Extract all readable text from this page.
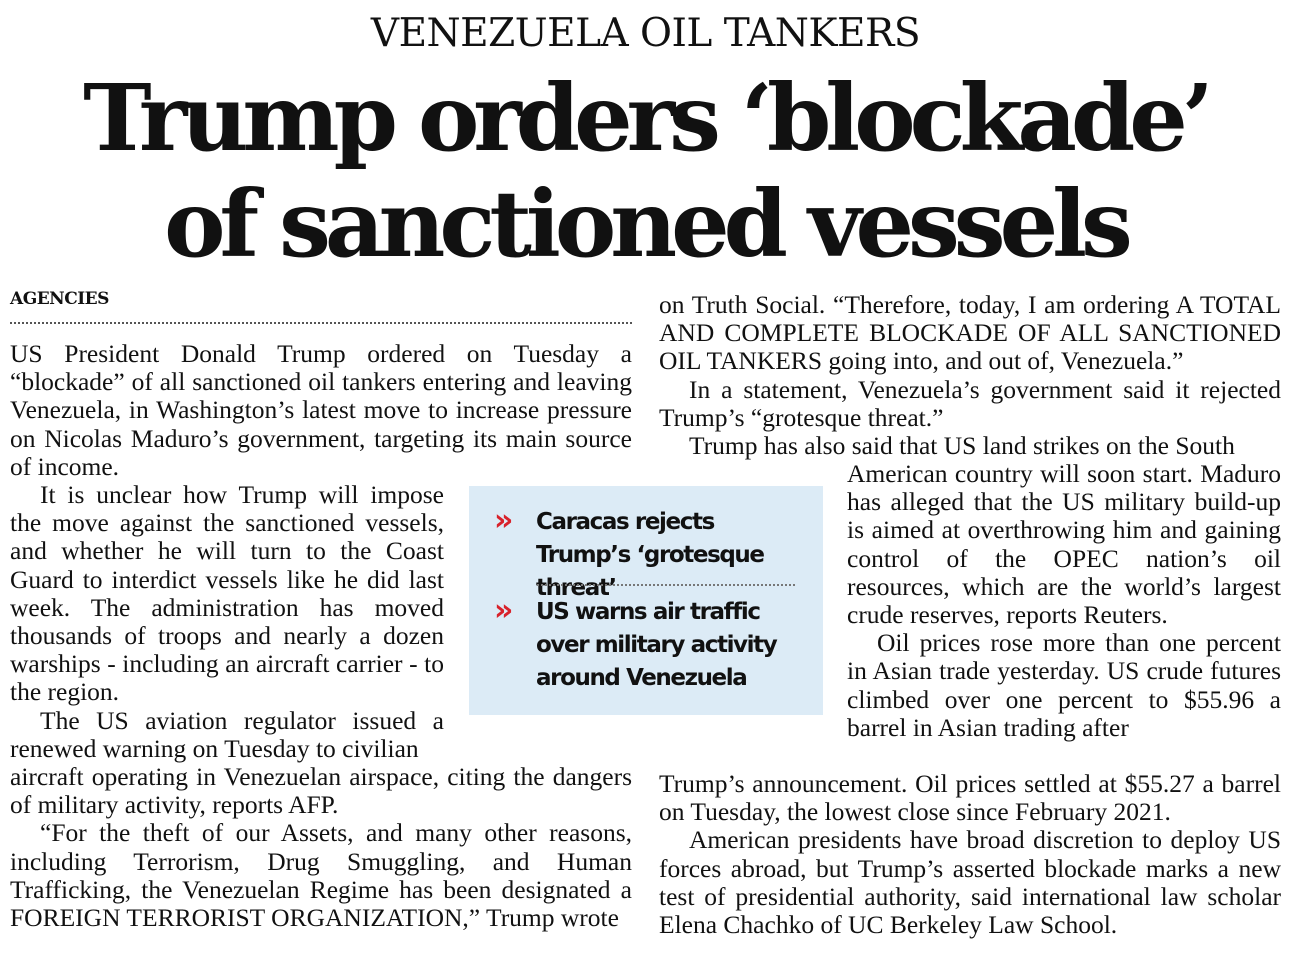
VENEZUELA OIL TANKERS
Trump orders ‘blockade’
of sanctioned vessels
AGENCIES

US President Donald Trump ordered on Tuesday a “blockade” of all sanctioned oil tankers entering and leaving Venezuela, in Washington’s latest move to increase pressure on Nicolas Maduro’s government, targeting its main source of income.

It is unclear how Trump will impose the move against the sanctioned vessels, and whether he will turn to the Coast Guard to interdict vessels like he did last week. The administration has moved thousands of troops and nearly a dozen warships - including an aircraft carrier - to the region.

The US aviation regulator issued a renewed warning on Tuesday to civilian

aircraft operating in Venezuelan airspace, citing the dangers of military activity, reports AFP.

“For the theft of our Assets, and many other reasons, including Terrorism, Drug Smuggling, and Human Trafficking, the Venezuelan Regime has been designated a FOREIGN TERRORIST ORGANIZATION,” Trump wrote

on Truth Social. “Therefore, today, I am ordering A TOTAL AND COMPLETE BLOCKADE OF ALL SANCTIONED OIL TANKERS going into, and out of, Venezuela.”

In a statement, Venezuela’s government said it rejected Trump’s “grotesque threat.”

Trump has also said that US land strikes on the South

American country will soon start. Maduro has alleged that the US military build-up is aimed at overthrowing him and gaining control of the OPEC nation’s oil resources, which are the world’s largest crude reserves, reports Reuters.

Oil prices rose more than one percent in Asian trade yesterday. US crude futures climbed over one percent to $55.96 a barrel in Asian trading after

Trump’s announcement. Oil prices settled at $55.27 a barrel on Tuesday, the lowest close since February 2021.

American presidents have broad discretion to deploy US forces abroad, but Trump’s asserted blockade marks a new test of presidential authority, said international law scholar Elena Chachko of UC Berkeley Law School.

»	Caracas rejects Trump’s ‘grotesque threat’
»	US warns air traffic over military activity around Venezuela
